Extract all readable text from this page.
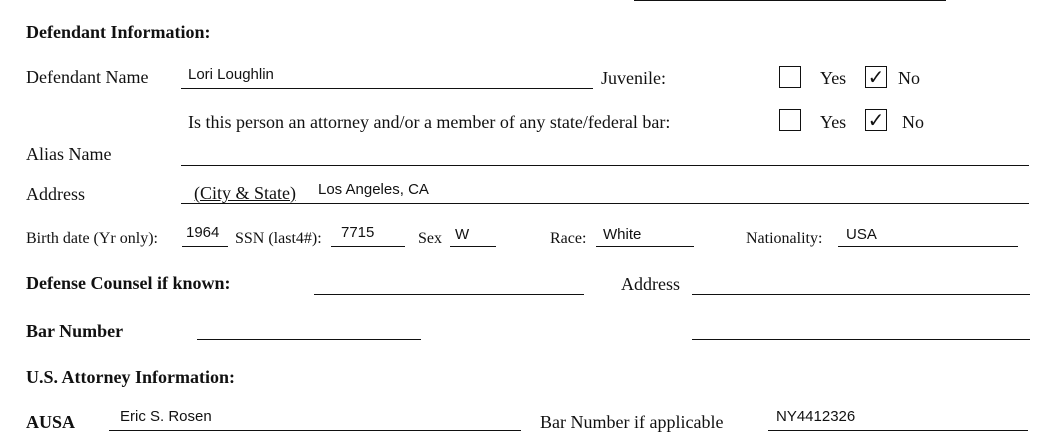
Defendant Information:
Defendant Name	Lori Loughlin	Juvenile:	Yes ✓ No
Is this person an attorney and/or a member of any state/federal bar:	Yes ✓ No
Alias Name
Address	(City & State) Los Angeles, CA
Birth date (Yr only): 1964 SSN (last4#): 7715	Sex W	Race: White	Nationality: USA
Defense Counsel if known:	Address
Bar Number
U.S. Attorney Information:
AUSA	Eric S. Rosen	Bar Number if applicable	NY4412326
